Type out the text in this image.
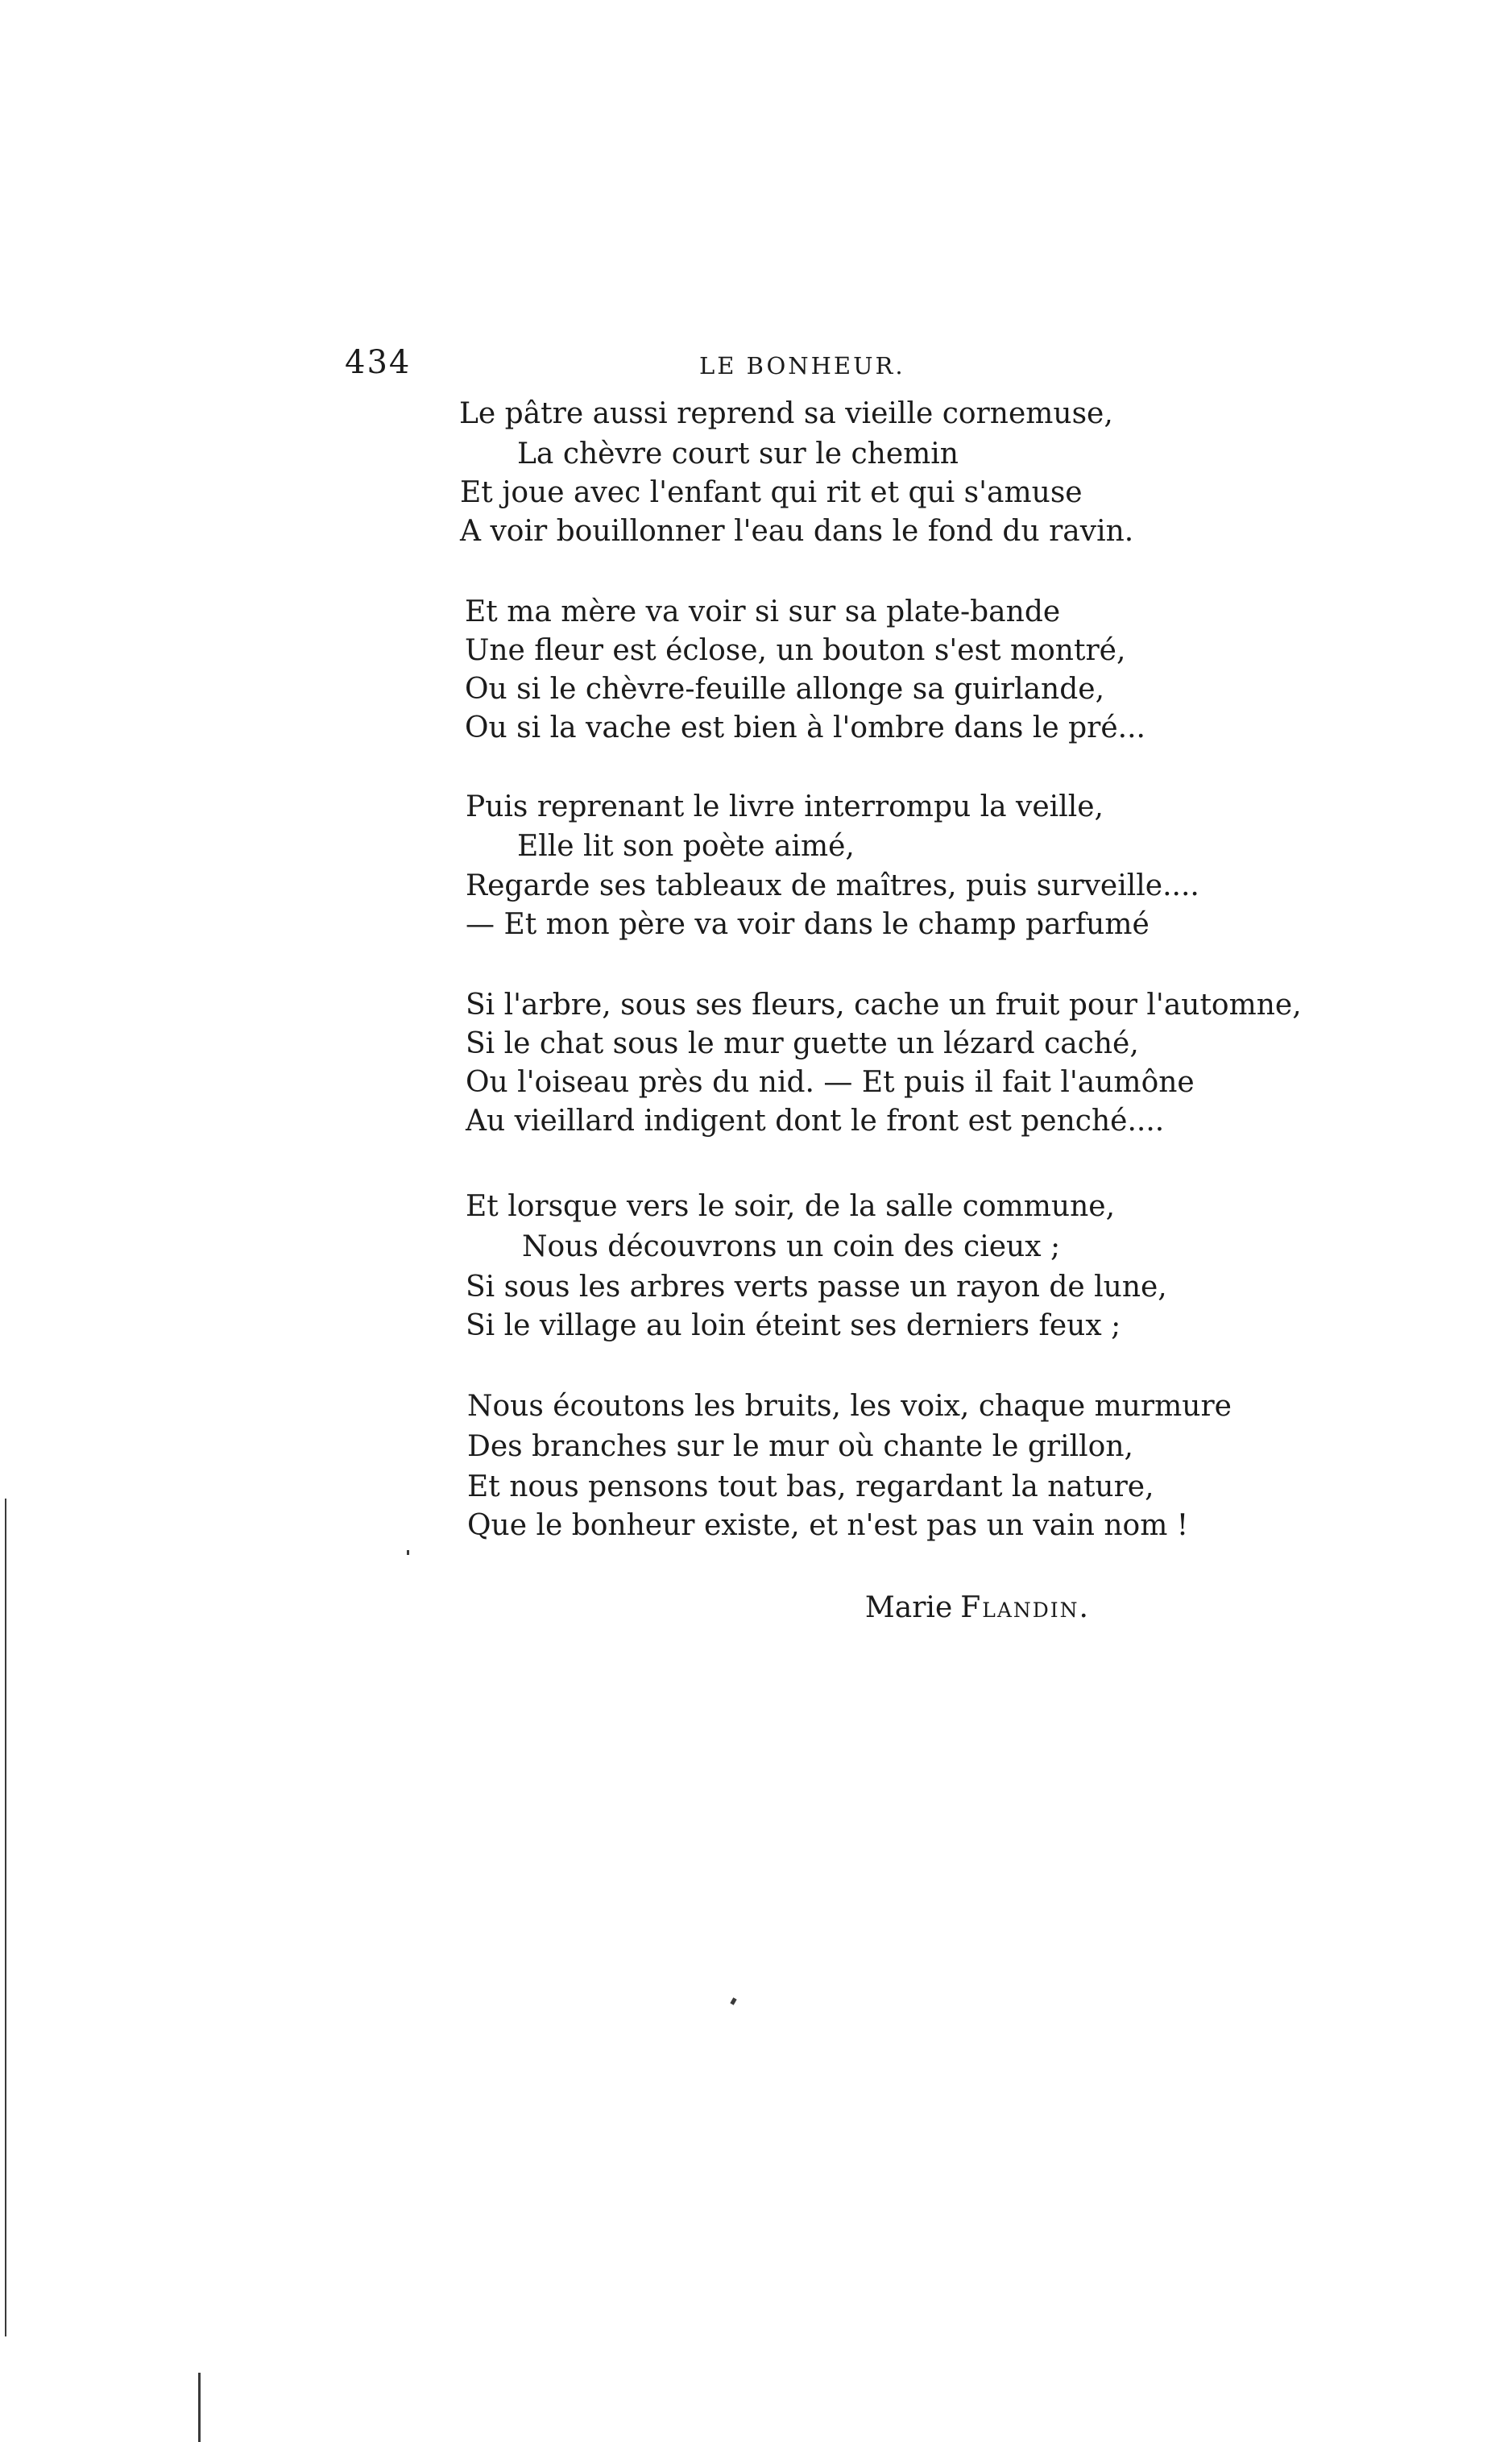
434	LE BONHEUR.
Le pâtre aussi reprend sa vieille cornemuse,
La chèvre court sur le chemin
Et joue avec l'enfant qui rit et qui s'amuse
A voir bouillonner l'eau dans le fond du ravin.
Et ma mère va voir si sur sa plate-bande
Une fleur est éclose, un bouton s'est montré,
Ou si le chèvre-feuille allonge sa guirlande,
Ou si la vache est bien à l'ombre dans le pré...
Puis reprenant le livre interrompu la veille,
Elle lit son poète aimé,
Regarde ses tableaux de maîtres, puis surveille....
— Et mon père va voir dans le champ parfumé
Si l'arbre, sous ses fleurs, cache un fruit pour l'automne,
Si le chat sous le mur guette un lézard caché,
Ou l'oiseau près du nid. — Et puis il fait l'aumône
Au vieillard indigent dont le front est penché....
Et lorsque vers le soir, de la salle commune,
Nous découvrons un coin des cieux ;
Si sous les arbres verts passe un rayon de lune,
Si le village au loin éteint ses derniers feux ;
Nous écoutons les bruits, les voix, chaque murmure
Des branches sur le mur où chante le grillon,
Et nous pensons tout bas, regardant la nature,
Que le bonheur existe, et n'est pas un vain nom !
Marie Flandin.
